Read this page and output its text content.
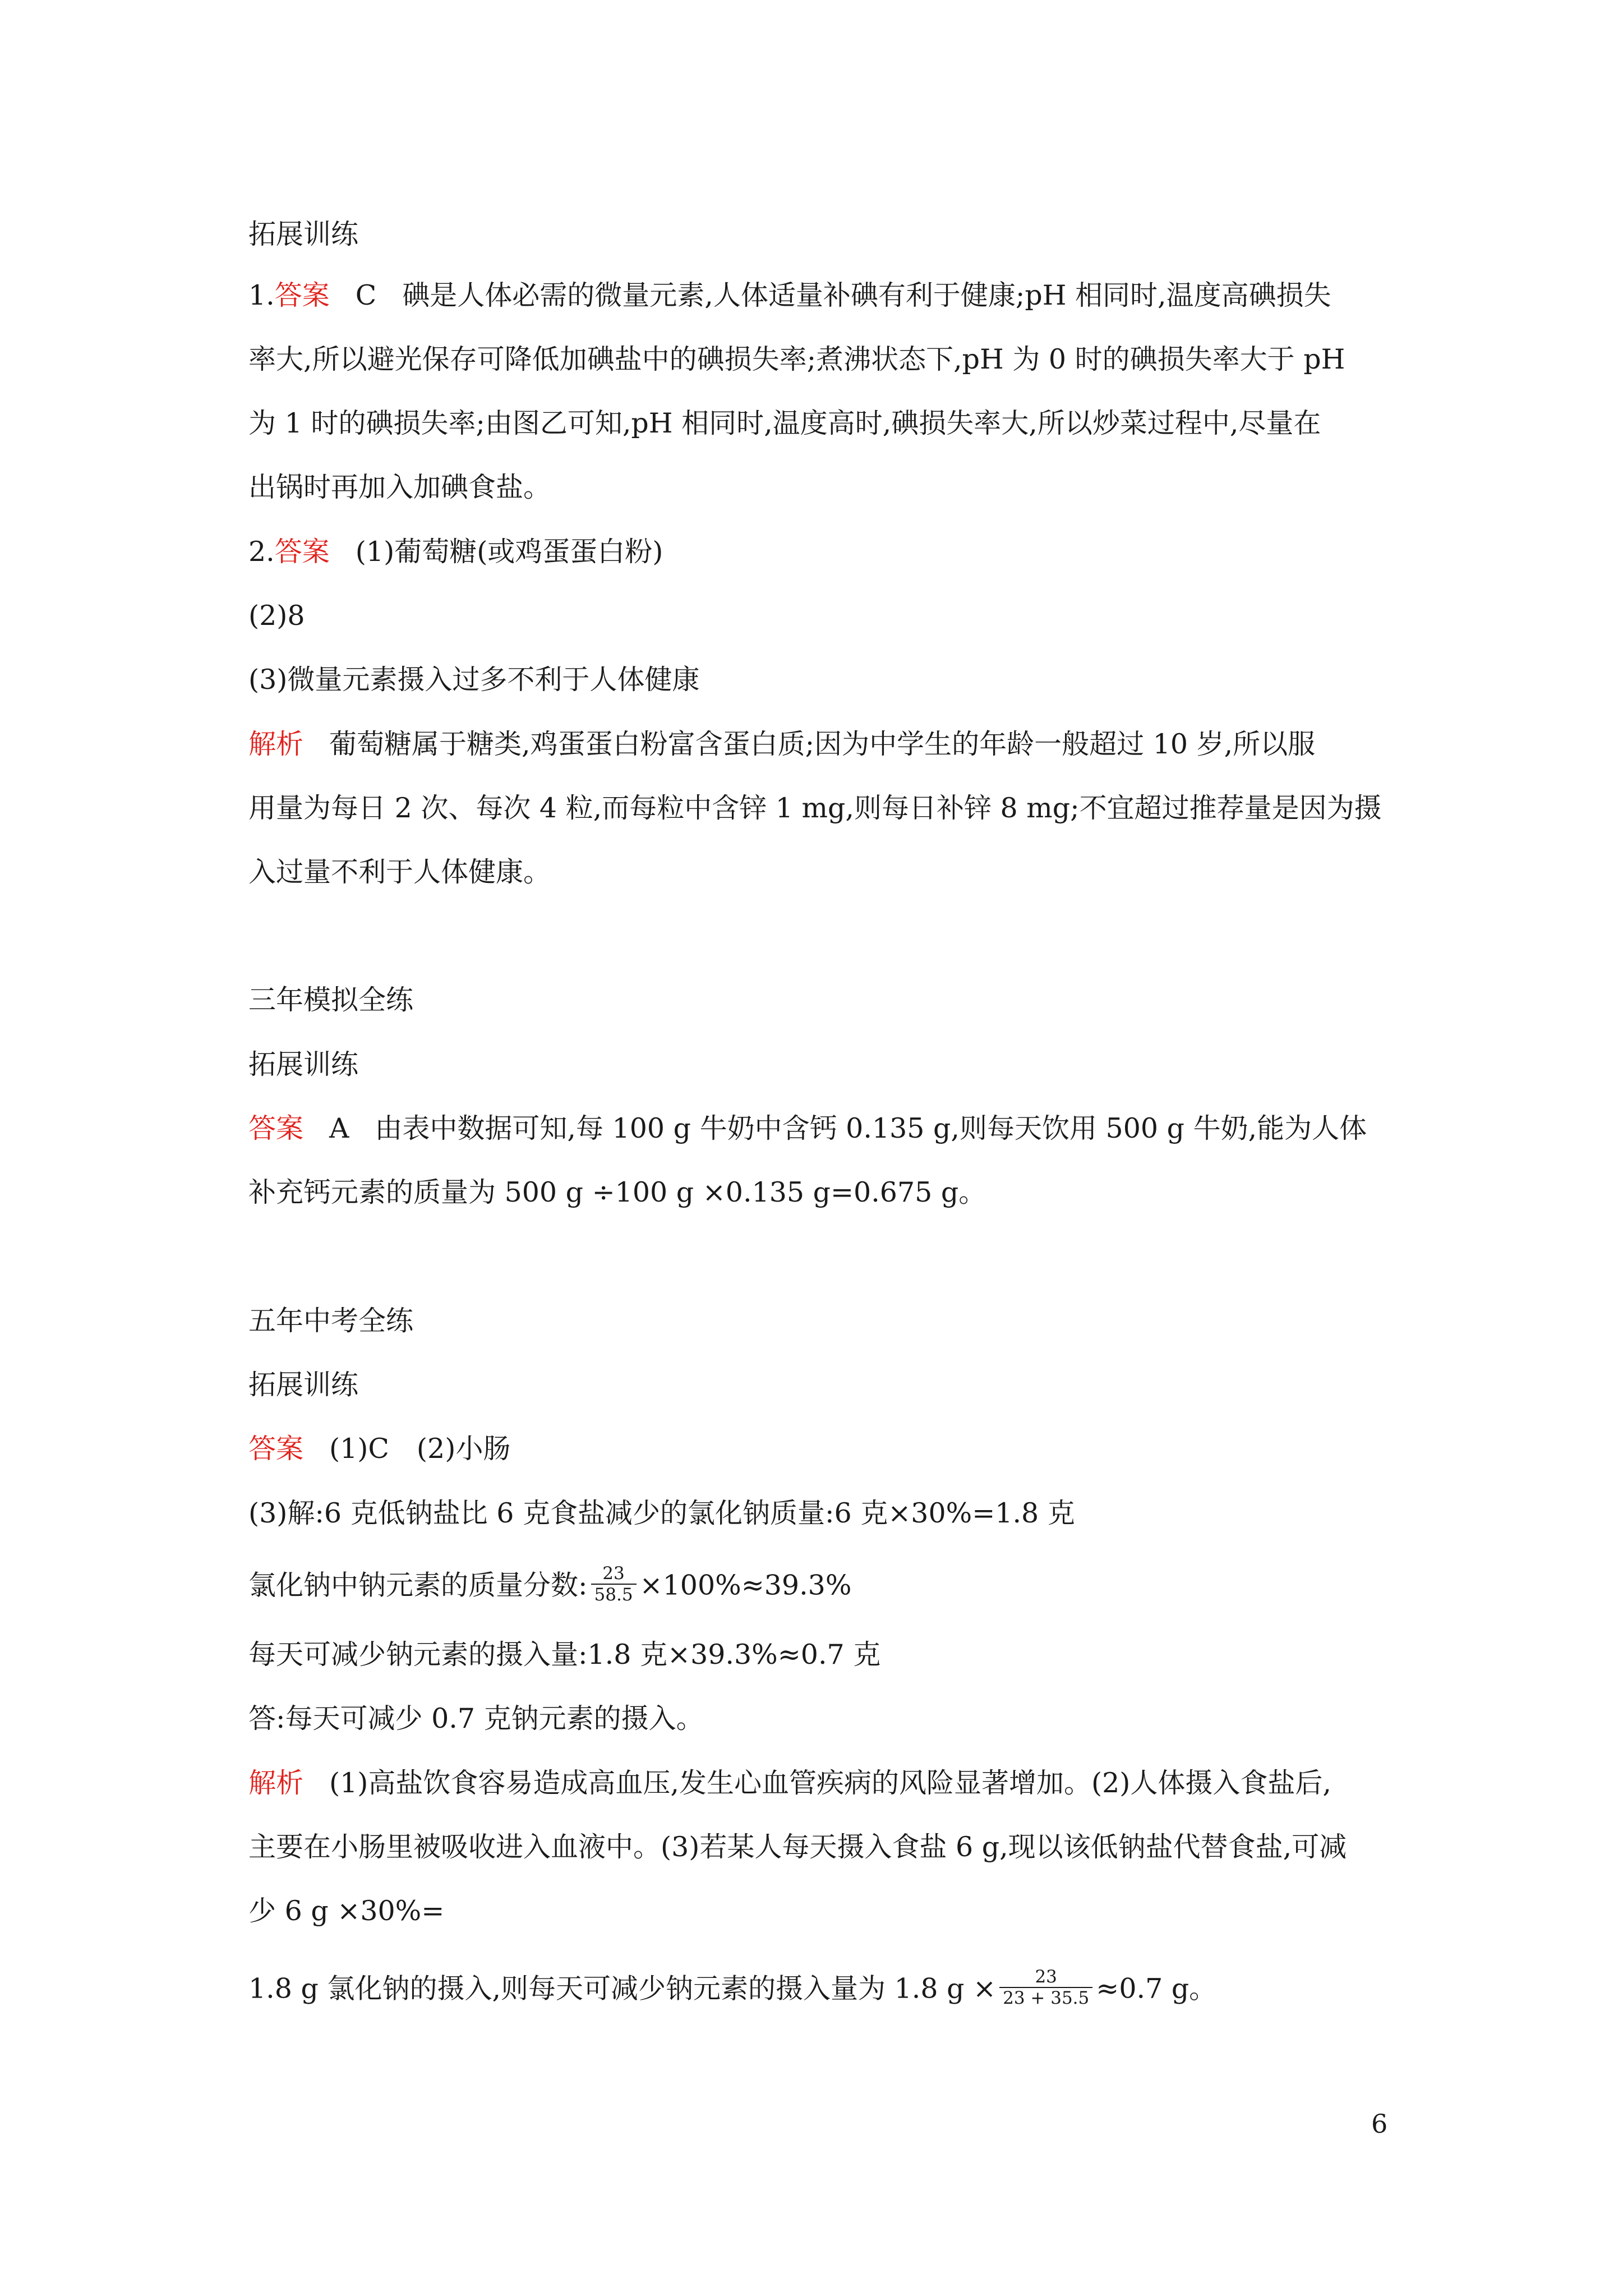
拓展训练
1.答案 C 碘是人体必需的微量元素,人体适量补碘有利于健康;pH 相同时,温度高碘损失
率大,所以避光保存可降低加碘盐中的碘损失率;煮沸状态下,pH 为 0 时的碘损失率大于 pH
为 1 时的碘损失率;由图乙可知,pH 相同时,温度高时,碘损失率大,所以炒菜过程中,尽量在
出锅时再加入加碘食盐。
2.答案 (1)葡萄糖(或鸡蛋蛋白粉)
(2)8
(3)微量元素摄入过多不利于人体健康
解析 葡萄糖属于糖类,鸡蛋蛋白粉富含蛋白质;因为中学生的年龄一般超过 10 岁,所以服
用量为每日 2 次、每次 4 粒,而每粒中含锌 1 mg,则每日补锌 8 mg;不宜超过推荐量是因为摄
入过量不利于人体健康。
三年模拟全练
拓展训练
答案 A 由表中数据可知,每 100 g 牛奶中含钙 0.135 g,则每天饮用 500 g 牛奶,能为人体
补充钙元素的质量为 500 g ÷100 g ×0.135 g=0.675 g。
五年中考全练
拓展训练
答案 (1)C　(2)小肠
(3)解:6 克低钠盐比 6 克食盐减少的氯化钠质量:6 克×30%=1.8 克
氯化钠中钠元素的质量分数: $\frac{23}{58.5} \times 100\%\approx 39.3\%$
每天可减少钠元素的摄入量:1.8 克×39.3%≈0.7 克
答:每天可减少 0.7 克钠元素的摄入。
解析 (1)高盐饮食容易造成高血压,发生心血管疾病的风险显著增加。(2)人体摄入食盐后,
主要在小肠里被吸收进入血液中。(3)若某人每天摄入食盐 6 g,现以该低钠盐代替食盐,可减
少 6 g ×30%=
1.8 g 氯化钠的摄入,则每天可减少钠元素的摄入量为 1.8 $g \times \frac{23}{23 + 35.5} \approx 0.7$ g。
6
